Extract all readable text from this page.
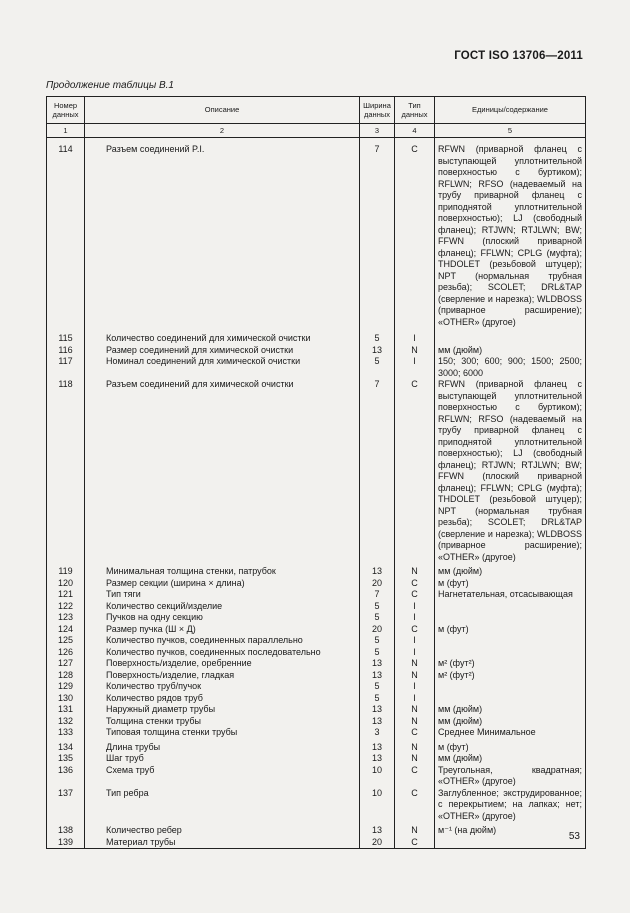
ГОСТ ISO 13706—2011
Продолжение таблицы В.1
Номер данных	Описание	Ширина данных	Тип данных	Единицы/содержание
1	2	3	4	5

114	Разъем соединений P.I.	7	C	RFWN (приварной фланец с выступающей уплотнительной поверхностью с буртиком); RFLWN; RFSO (надеваемый на трубу приварной фланец с приподнятой уплотнительной поверхностью); LJ (свободный фланец); RTJWN; RTJLWN; BW; FFWN (плоский приварной фланец); FFLWN; CPLG (муфта); THDOLET (резьбовой штуцер); NPT (нормальная трубная резьба); SCOLET; DRL&TAP (сверление и нарезка); WLDBOSS (приварное расширение); «OTHER» (другое)

115	Количество соединений для химической очистки	5	I	
116	Размер соединений для химической очистки	13	N	мм (дюйм)
117	Номинал соединений для химической очистки	5	I	150; 300; 600; 900; 1500; 2500; 3000; 6000
118	Разъем соединений для химической очистки	7	C	RFWN (приварной фланец с выступающей уплотнительной поверхностью с буртиком); RFLWN; RFSO (надеваемый на трубу приварной фланец с приподнятой уплотнительной поверхностью); LJ (свободный фланец); RTJWN; RTJLWN; BW; FFWN (плоский приварной фланец); FFLWN; CPLG (муфта); THDOLET (резьбовой штуцер); NPT (нормальная трубная резьба); SCOLET; DRL&TAP (сверление и нарезка); WLDBOSS (приварное расширение); «OTHER» (другое)

119	Минимальная толщина стенки, патрубок	13	N	мм (дюйм)
120	Размер секции (ширина × длина)	20	C	м (фут)
121	Тип тяги	7	C	Нагнетательная, отсасывающая
122	Количество секций/изделие	5	I	
123	Пучков на одну секцию	5	I	
124	Размер пучка (Ш × Д)	20	C	м (фут)
125	Количество пучков, соединенных параллельно	5	I	
126	Количество пучков, соединенных последовательно	5	I	
127	Поверхность/изделие, оребренние	13	N	м² (фут²)
128	Поверхность/изделие, гладкая	13	N	м² (фут²)
129	Количество труб/пучок	5	I	
130	Количество рядов труб	5	I	
131	Наружный диаметр трубы	13	N	мм (дюйм)
132	Толщина стенки трубы	13	N	мм (дюйм)
133	Типовая толщина стенки трубы	3	C	Среднее Минимальное

134	Длина трубы	13	N	м (фут)
135	Шаг труб	13	N	мм (дюйм)
136	Схема труб	10	C	Треугольная, квадратная; «OTHER» (другое)
137	Тип ребра	10	C	Заглубленное; экструдированное; с перекрытием; на лапках; нет; «OTHER» (другое)

138	Количество ребер	13	N	м⁻¹ (на дюйм)
139	Материал трубы	20	C		53
